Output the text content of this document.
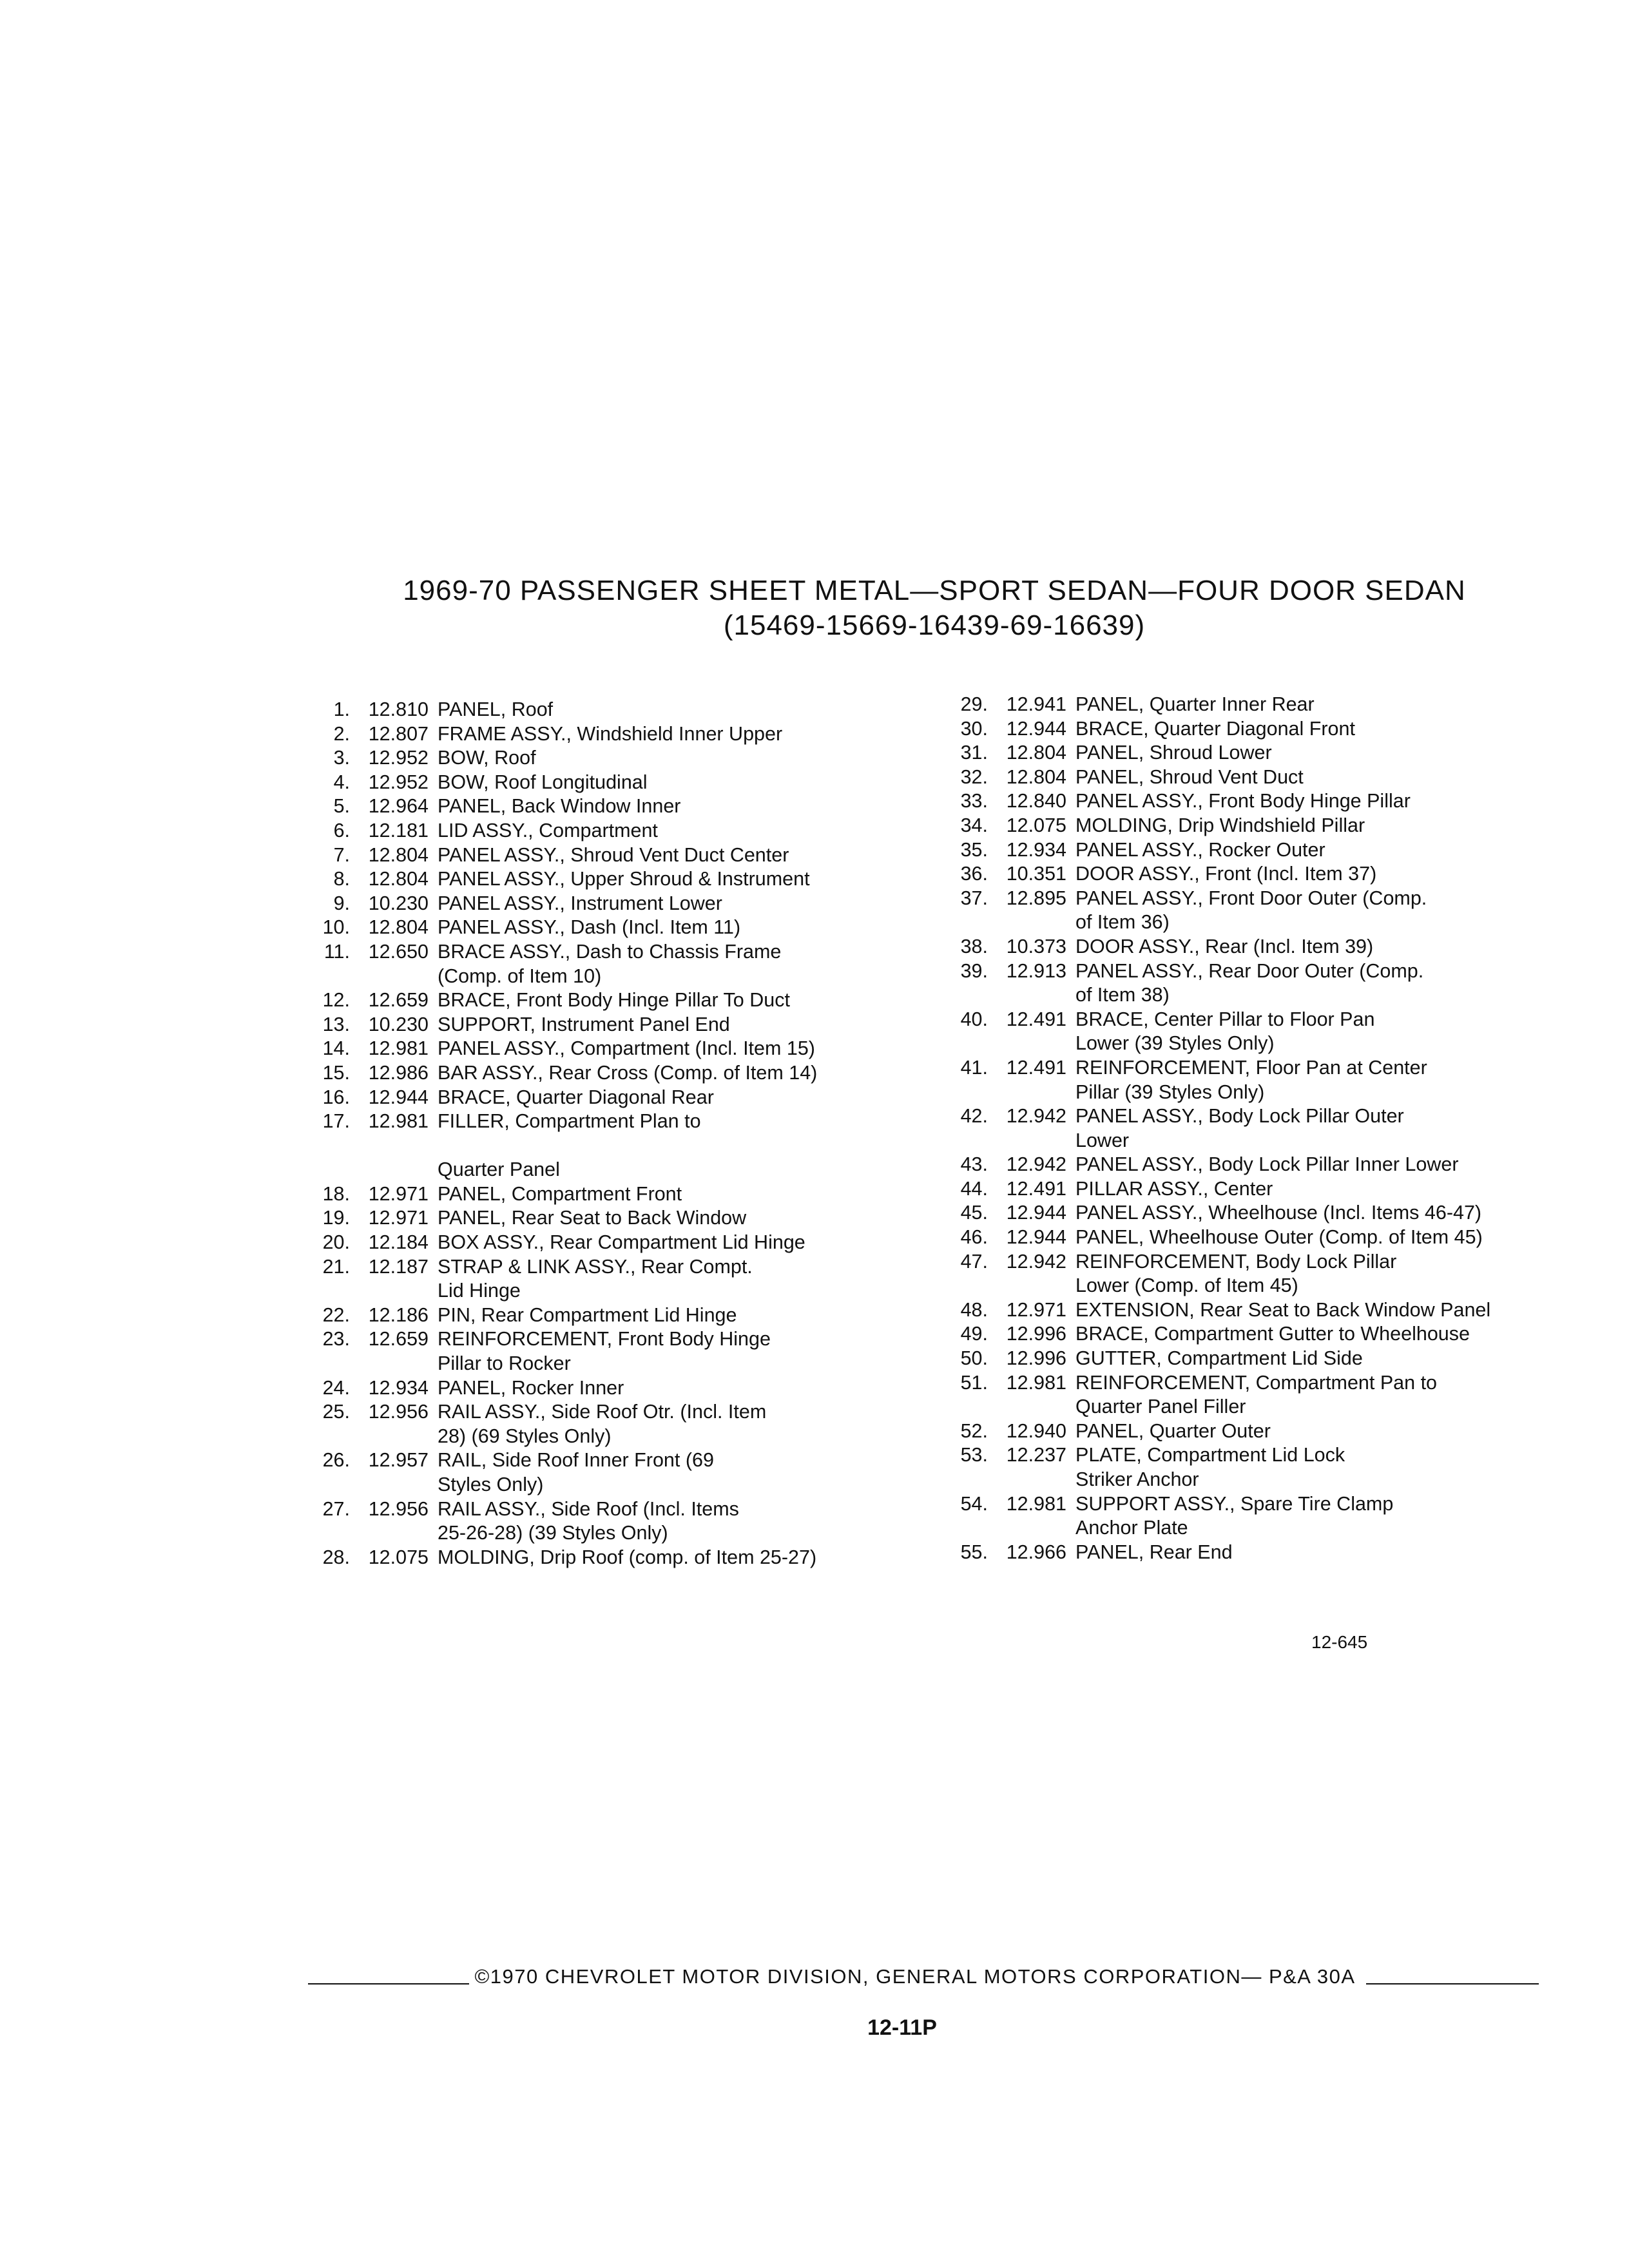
1969-70 PASSENGER SHEET METAL—SPORT SEDAN—FOUR DOOR SEDAN
(15469-15669-16439-69-16639)
1. 12.810 PANEL, Roof
2. 12.807 FRAME ASSY., Windshield Inner Upper
3. 12.952 BOW, Roof
4. 12.952 BOW, Roof Longitudinal
5. 12.964 PANEL, Back Window Inner
6. 12.181 LID ASSY., Compartment
7. 12.804 PANEL ASSY., Shroud Vent Duct Center
8. 12.804 PANEL ASSY., Upper Shroud & Instrument
9. 10.230 PANEL ASSY., Instrument Lower
10. 12.804 PANEL ASSY., Dash (Incl. Item 11)
11. 12.650 BRACE ASSY., Dash to Chassis Frame
(Comp. of Item 10)
12. 12.659 BRACE, Front Body Hinge Pillar To Duct
13. 10.230 SUPPORT, Instrument Panel End
14. 12.981 PANEL ASSY., Compartment (Incl. Item 15)
15. 12.986 BAR ASSY., Rear Cross (Comp. of Item 14)
16. 12.944 BRACE, Quarter Diagonal Rear
17. 12.981 FILLER, Compartment Plan to

Quarter Panel
18. 12.971 PANEL, Compartment Front
19. 12.971 PANEL, Rear Seat to Back Window
20. 12.184 BOX ASSY., Rear Compartment Lid Hinge
21. 12.187 STRAP & LINK ASSY., Rear Compt.
Lid Hinge
22. 12.186 PIN, Rear Compartment Lid Hinge
23. 12.659 REINFORCEMENT, Front Body Hinge
Pillar to Rocker
24. 12.934 PANEL, Rocker Inner
25. 12.956 RAIL ASSY., Side Roof Otr. (Incl. Item
28) (69 Styles Only)
26. 12.957 RAIL, Side Roof Inner Front (69
Styles Only)
27. 12.956 RAIL ASSY., Side Roof (Incl. Items
25-26-28) (39 Styles Only)
28. 12.075 MOLDING, Drip Roof (comp. of Item 25-27)
29. 12.941 PANEL, Quarter Inner Rear
30. 12.944 BRACE, Quarter Diagonal Front
31. 12.804 PANEL, Shroud Lower
32. 12.804 PANEL, Shroud Vent Duct
33. 12.840 PANEL ASSY., Front Body Hinge Pillar
34. 12.075 MOLDING, Drip Windshield Pillar
35. 12.934 PANEL ASSY., Rocker Outer
36. 10.351 DOOR ASSY., Front (Incl. Item 37)
37. 12.895 PANEL ASSY., Front Door Outer (Comp.
of Item 36)
38. 10.373 DOOR ASSY., Rear (Incl. Item 39)
39. 12.913 PANEL ASSY., Rear Door Outer (Comp.
of Item 38)
40. 12.491 BRACE, Center Pillar to Floor Pan
Lower (39 Styles Only)
41. 12.491 REINFORCEMENT, Floor Pan at Center
Pillar (39 Styles Only)
42. 12.942 PANEL ASSY., Body Lock Pillar Outer
Lower
43. 12.942 PANEL ASSY., Body Lock Pillar Inner Lower
44. 12.491 PILLAR ASSY., Center
45. 12.944 PANEL ASSY., Wheelhouse (Incl. Items 46-47)
46. 12.944 PANEL, Wheelhouse Outer (Comp. of Item 45)
47. 12.942 REINFORCEMENT, Body Lock Pillar
Lower (Comp. of Item 45)
48. 12.971 EXTENSION, Rear Seat to Back Window Panel
49. 12.996 BRACE, Compartment Gutter to Wheelhouse
50. 12.996 GUTTER, Compartment Lid Side
51. 12.981 REINFORCEMENT, Compartment Pan to
Quarter Panel Filler
52. 12.940 PANEL, Quarter Outer
53. 12.237 PLATE, Compartment Lid Lock
Striker Anchor
54. 12.981 SUPPORT ASSY., Spare Tire Clamp
Anchor Plate
55. 12.966 PANEL, Rear End
12-645
©1970 CHEVROLET MOTOR DIVISION, GENERAL MOTORS CORPORATION— P&A 30A
12-11P
